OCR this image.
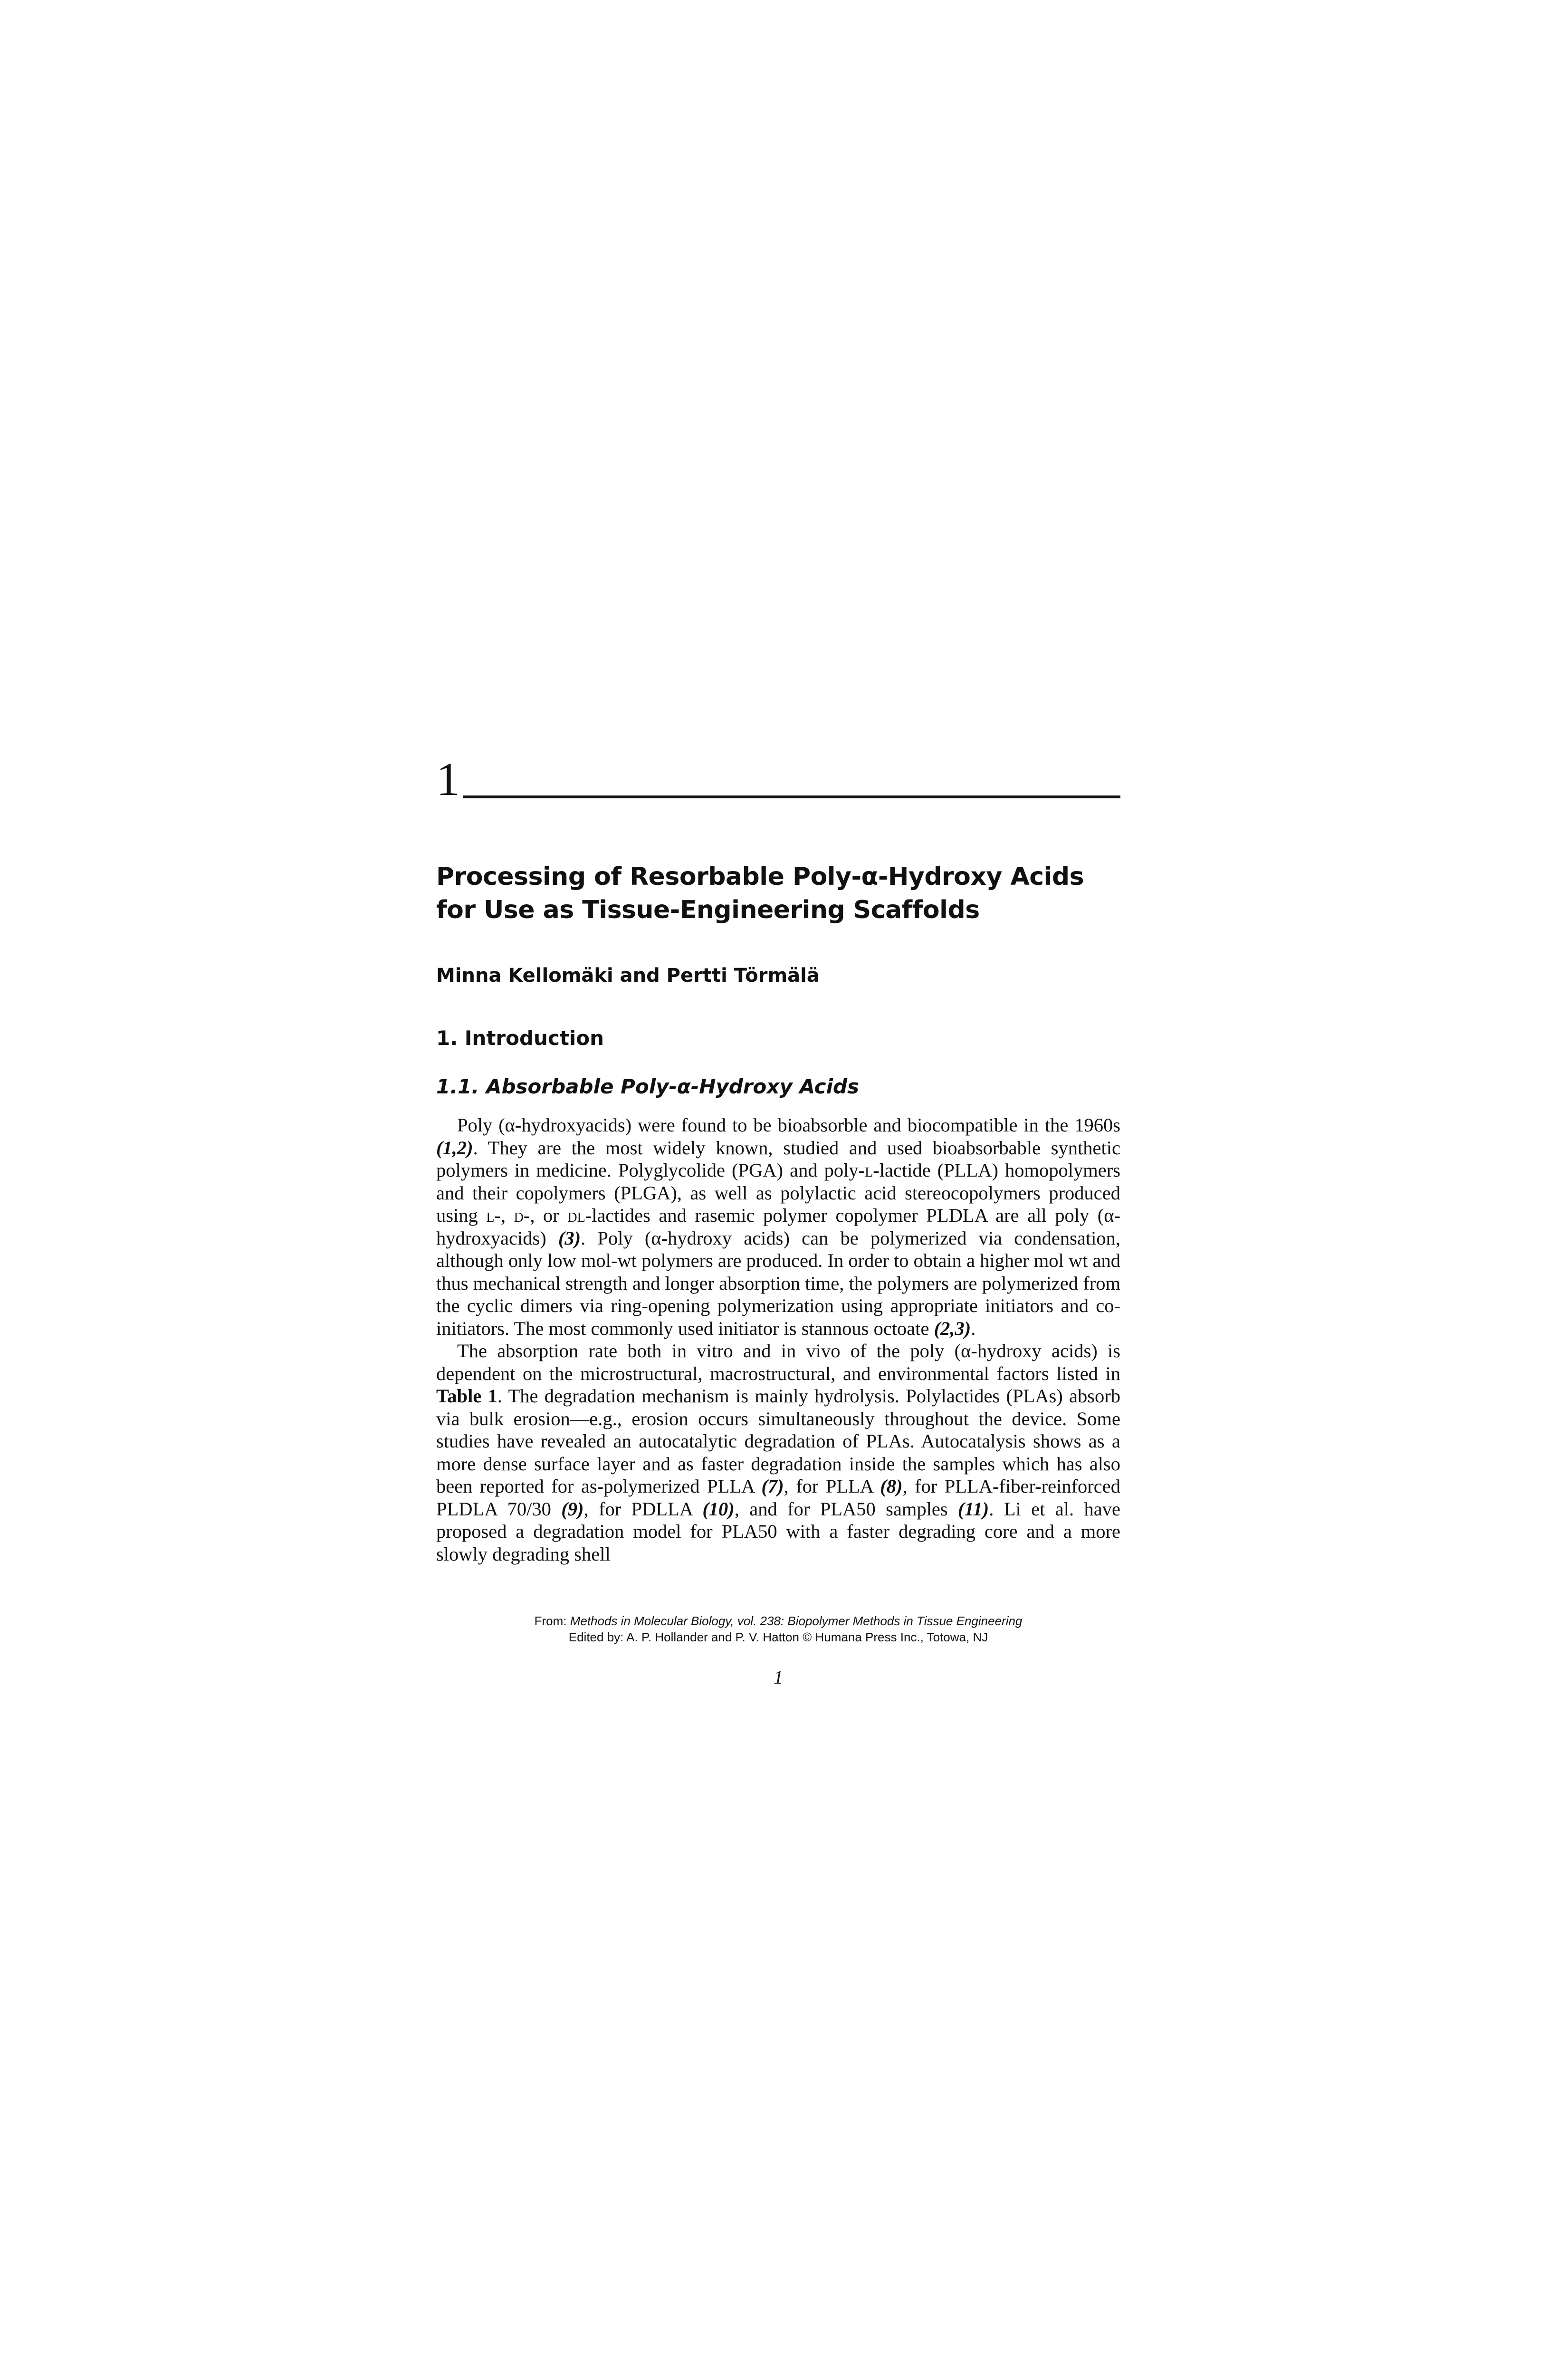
1
Processing of Resorbable Poly-α-Hydroxy Acids
for Use as Tissue-Engineering Scaffolds
Minna Kellomäki and Pertti Törmälä
1. Introduction
1.1. Absorbable Poly-α-Hydroxy Acids

Poly (α-hydroxyacids) were found to be bioabsorble and biocompatible in the 1960s (1,2). They are the most widely known, studied and used bioabsorbable synthetic polymers in medicine. Polyglycolide (PGA) and poly-l-lactide (PLLA) homopolymers and their copolymers (PLGA), as well as polylactic acid stereocopolymers produced using l-, d-, or dl-lactides and rasemic polymer copolymer PLDLA are all poly (α-hydroxyacids) (3). Poly (α-hydroxy acids) can be polymerized via condensation, although only low mol-wt polymers are produced. In order to obtain a higher mol wt and thus mechanical strength and longer absorption time, the polymers are polymerized from the cyclic dimers via ring-opening polymerization using appropriate initiators and co-initiators. The most commonly used initiator is stannous octoate (2,3).

The absorption rate both in vitro and in vivo of the poly (α-hydroxy acids) is dependent on the microstructural, macrostructural, and environmental factors listed in Table 1. The degradation mechanism is mainly hydrolysis. Polylactides (PLAs) absorb via bulk erosion—e.g., erosion occurs simultaneously throughout the device. Some studies have revealed an autocatalytic degradation of PLAs. Autocatalysis shows as a more dense surface layer and as faster degradation inside the samples which has also been reported for as-polymerized PLLA (7), for PLLA (8), for PLLA-fiber-reinforced PLDLA 70/30 (9), for PDLLA (10), and for PLA50 samples (11). Li et al. have proposed a degradation model for PLA50 with a faster degrading core and a more slowly degrading shell

From: Methods in Molecular Biology, vol. 238: Biopolymer Methods in Tissue Engineering
Edited by: A. P. Hollander and P. V. Hatton © Humana Press Inc., Totowa, NJ
1
